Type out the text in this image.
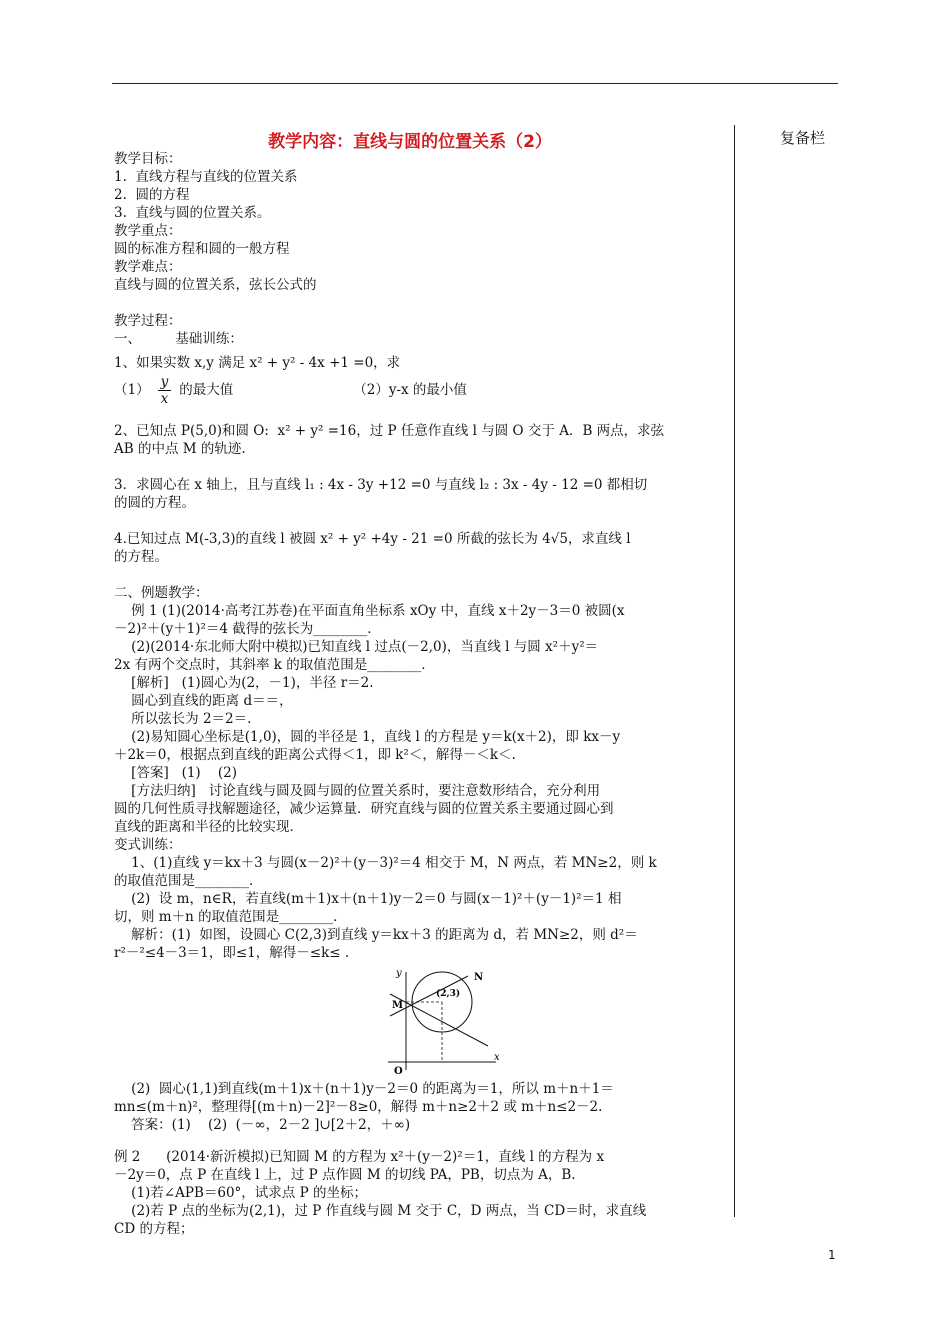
复备栏
教学内容：直线与圆的位置关系（2）

教学目标：

1.  直线方程与直线的位置关系

2.  圆的方程

3.  直线与圆的位置关系。

教学重点：

圆的标准方程和圆的一般方程

教学难点：

直线与圆的位置关系，弦长公式的

教学过程：

一、        基础训练：

1、如果实数 x,y 满足 x² + y² - 4x +1 =0，求

$(1) \frac{y}{x}$ 的最大值	（2）y-x 的最小值

2、已知点 P(5,0)和圆 O:  x² + y² =16，过 P 任意作直线 l 与圆 O 交于 A．B 两点，求弦

AB 的中点 M 的轨迹.

3．求圆心在 x 轴上，且与直线 l₁ : 4x - 3y +12 =0 与直线 l₂ : 3x - 4y - 12 =0 都相切

的圆的方程。

4.已知过点 M(-3,3)的直线 l 被圆 x² + y² +4y - 21 =0 所截的弦长为 4√5，求直线 l

的方程。

二、例题教学：

例 1 (1)(2014·高考江苏卷)在平面直角坐标系 xOy 中，直线 x＋2y－3＝0 被圆(x

－2)²＋(y＋1)²＝4 截得的弦长为________．

(2)(2014·东北师大附中模拟)已知直线 l 过点(－2,0)，当直线 l 与圆 x²＋y²＝

2x 有两个交点时，其斜率 k 的取值范围是________．

[解析]   (1)圆心为(2，－1)，半径 r＝2.

圆心到直线的距离 d＝＝，

所以弦长为 2＝2＝.

(2)易知圆心坐标是(1,0)，圆的半径是 1，直线 l 的方程是 y＝k(x＋2)，即 kx－y

＋2k＝0，根据点到直线的距离公式得＜1，即 k²＜，解得－＜k＜.

[答案]   (1)    (2)

[方法归纳]   讨论直线与圆及圆与圆的位置关系时，要注意数形结合，充分利用

圆的几何性质寻找解题途径，减少运算量．研究直线与圆的位置关系主要通过圆心到

直线的距离和半径的比较实现．

变式训练：

1、(1)直线 y＝kx＋3 与圆(x－2)²＋(y－3)²＝4 相交于 M，N 两点，若 MN≥2，则 k

的取值范围是________．

(2)  设 m，n∈R，若直线(m＋1)x＋(n＋1)y－2＝0 与圆(x－1)²＋(y－1)²＝1 相

切，则 m＋n 的取值范围是________．

解析：(1)  如图，设圆心 C(2,3)到直线 y＝kx＋3 的距离为 d，若 MN≥2，则 d²＝

r²－²≤4－3＝1，即≤1，解得－≤k≤ .

y
x
O
M
N
(2,3)

(2)  圆心(1,1)到直线(m＋1)x＋(n＋1)y－2＝0 的距离为＝1，所以 m＋n＋1＝

mn≤(m＋n)²，整理得[(m＋n)－2]²－8≥0，解得 m＋n≥2＋2 或 m＋n≤2－2.

答案：(1)    (2)  (－∞，2－2 ]∪[2＋2，＋∞)

例 2      (2014·新沂模拟)已知圆 M 的方程为 x²＋(y－2)²＝1，直线 l 的方程为 x

－2y＝0，点 P 在直线 l 上，过 P 点作圆 M 的切线 PA，PB，切点为 A，B.

(1)若∠APB＝60°，试求点 P 的坐标；

(2)若 P 点的坐标为(2,1)，过 P 作直线与圆 M 交于 C，D 两点，当 CD＝时，求直线

CD 的方程；

1
